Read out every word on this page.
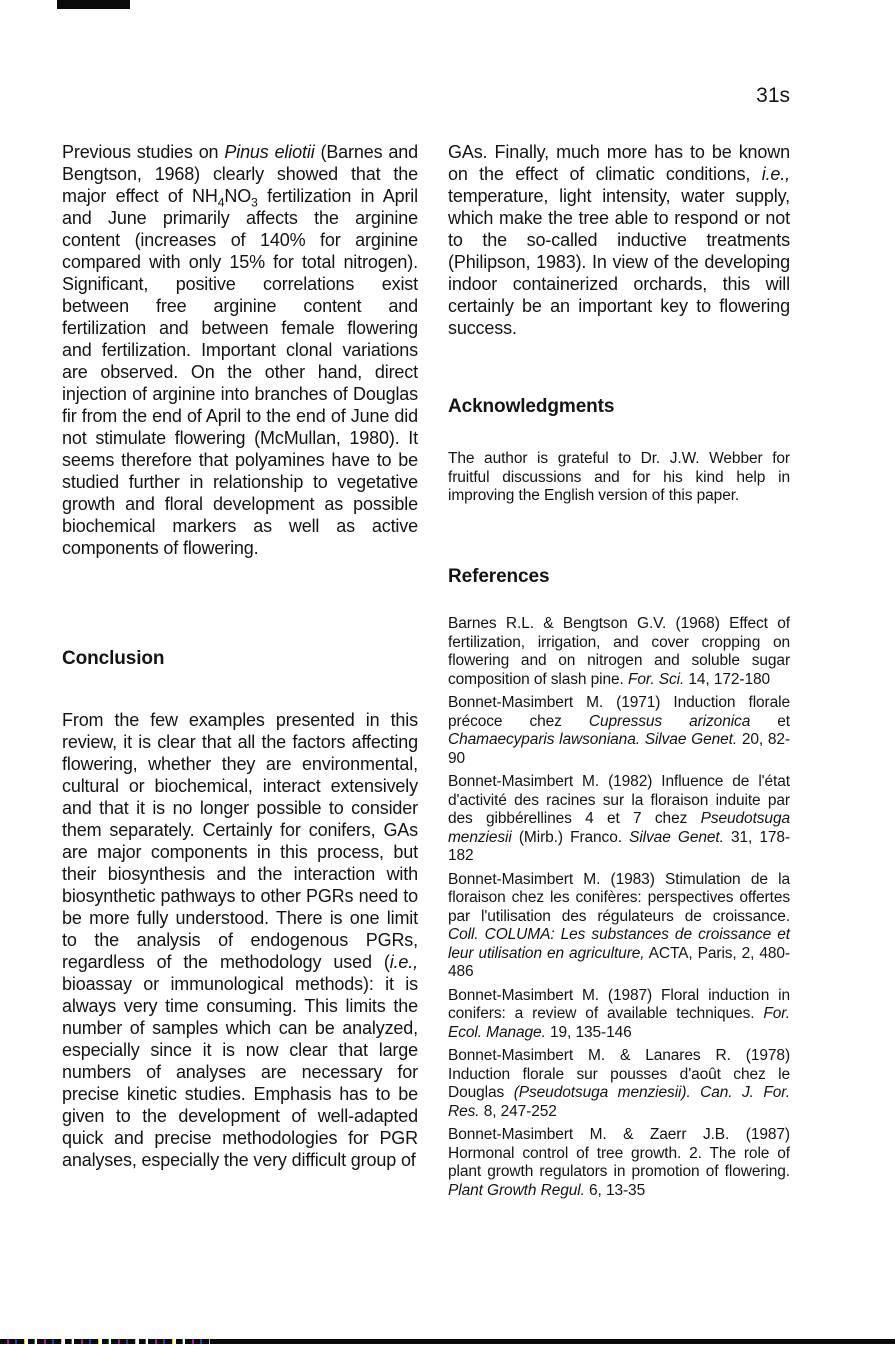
31s
Previous studies on Pinus eliotii (Barnes and Bengtson, 1968) clearly showed that the major effect of $NH_4NO_3$ fertilization in April and June primarily affects the arginine content (increases of 140% for arginine compared with only 15% for total nitrogen). Significant, positive correlations exist between free arginine content and fertilization and between female flowering and fertilization. Important clonal variations are observed. On the other hand, direct injection of arginine into branches of Douglas fir from the end of April to the end of June did not stimulate flowering (McMullan, 1980). It seems therefore that polyamines have to be studied further in relationship to vegetative growth and floral development as possible biochemical markers as well as active components of flowering.
Conclusion
From the few examples presented in this review, it is clear that all the factors affecting flowering, whether they are environmental, cultural or biochemical, interact extensively and that it is no longer possible to consider them separately. Certainly for conifers, GAs are major components in this process, but their biosynthesis and the interaction with biosynthetic pathways to other PGRs need to be more fully understood. There is one limit to the analysis of endogenous PGRs, regardless of the methodology used (i.e., bioassay or immunological methods): it is always very time consuming. This limits the number of samples which can be analyzed, especially since it is now clear that large numbers of analyses are necessary for precise kinetic studies. Emphasis has to be given to the development of well-adapted quick and precise methodologies for PGR analyses, especially the very difficult group of
GAs. Finally, much more has to be known on the effect of climatic conditions, i.e., temperature, light intensity, water supply, which make the tree able to respond or not to the so-called inductive treatments (Philipson, 1983). In view of the developing indoor containerized orchards, this will certainly be an important key to flowering success.
Acknowledgments
The author is grateful to Dr. J.W. Webber for fruitful discussions and for his kind help in improving the English version of this paper.
References
Barnes R.L. & Bengtson G.V. (1968) Effect of fertilization, irrigation, and cover cropping on flowering and on nitrogen and soluble sugar composition of slash pine. For. Sci. 14, 172-180
Bonnet-Masimbert M. (1971) Induction florale précoce chez Cupressus arizonica et Chamaecyparis lawsoniana. Silvae Genet. 20, 82-90
Bonnet-Masimbert M. (1982) Influence de l'état d'activité des racines sur la floraison induite par des gibbérellines 4 et 7 chez Pseudotsuga menziesii (Mirb.) Franco. Silvae Genet. 31, 178-182
Bonnet-Masimbert M. (1983) Stimulation de la floraison chez les conifères: perspectives offertes par l'utilisation des régulateurs de croissance. Coll. COLUMA: Les substances de croissance et leur utilisation en agriculture, ACTA, Paris, 2, 480-486
Bonnet-Masimbert M. (1987) Floral induction in conifers: a review of available techniques. For. Ecol. Manage. 19, 135-146
Bonnet-Masimbert M. & Lanares R. (1978) Induction florale sur pousses d'août chez le Douglas (Pseudotsuga menziesii). Can. J. For. Res. 8, 247-252
Bonnet-Masimbert M. & Zaerr J.B. (1987) Hormonal control of tree growth. 2. The role of plant growth regulators in promotion of flowering. Plant Growth Regul. 6, 13-35
